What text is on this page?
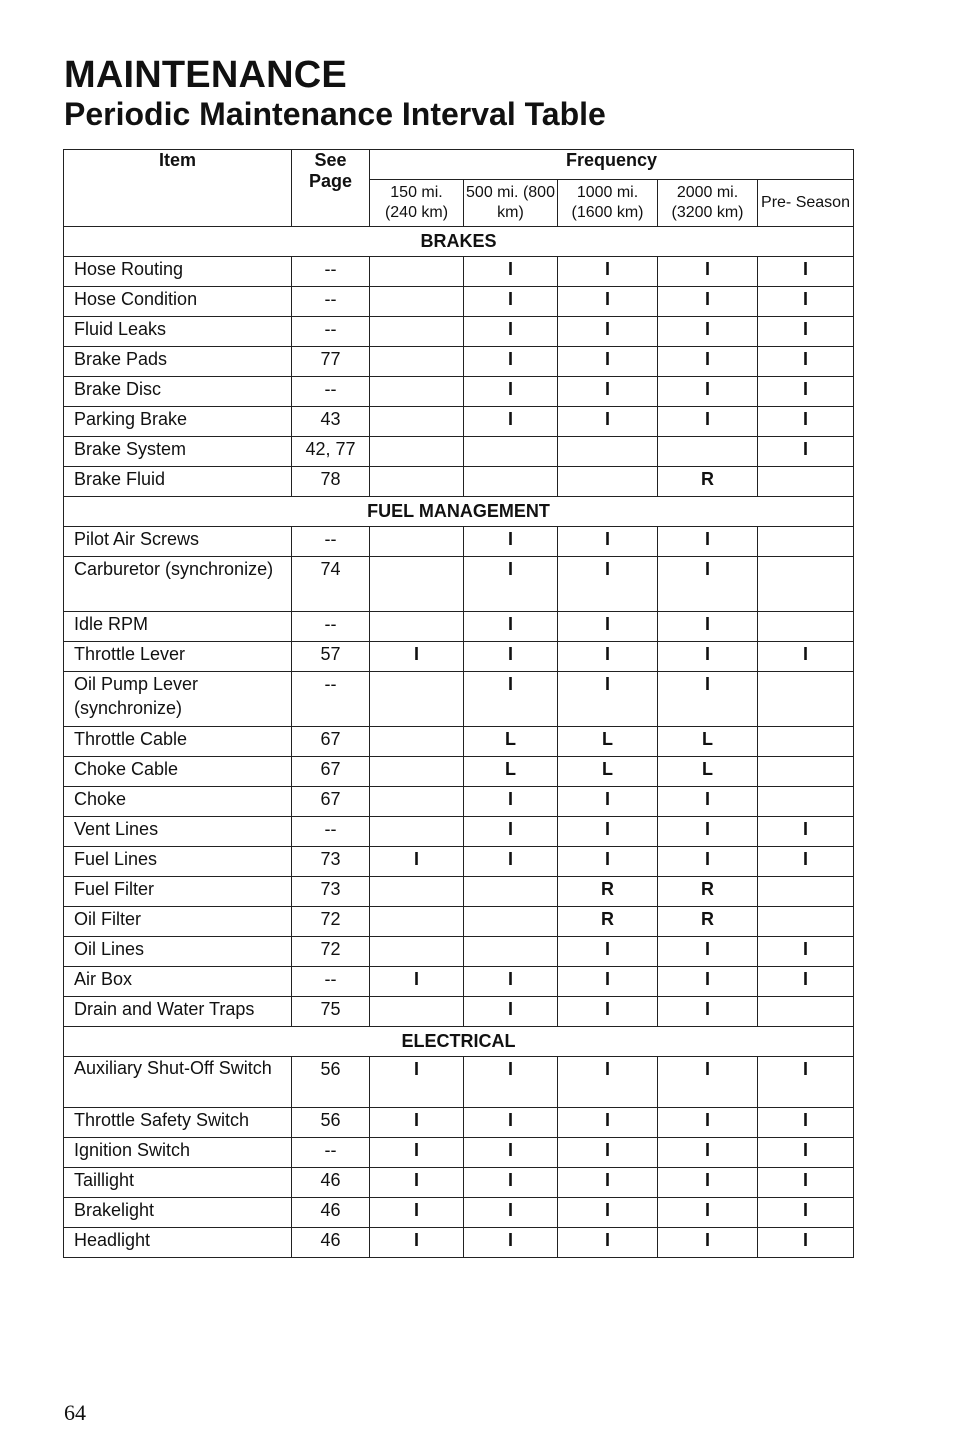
MAINTENANCE
Periodic Maintenance Interval Table
Item	See Page	Frequency				
		150 mi. (240 km)	500 mi. (800 km)	1000 mi. (1600 km)	2000 mi. (3200 km)	Pre- Season
BRAKES						
Hose Routing	--		I	I	I	I
Hose Condition	--		I	I	I	I
Fluid Leaks	--		I	I	I	I
Brake Pads	77		I	I	I	I
Brake Disc	--		I	I	I	I
Parking Brake	43		I	I	I	I
Brake System	42, 77					I
Brake Fluid	78				R	
FUEL MANAGEMENT						
Pilot Air Screws	--		I	I	I	
Carburetor (synchronize)	74		I	I	I	
Idle RPM	--		I	I	I	
Throttle Lever	57	I	I	I	I	I
Oil Pump Lever (synchronize)	--		I	I	I	
Throttle Cable	67		L	L	L	
Choke Cable	67		L	L	L	
Choke	67		I	I	I	
Vent Lines	--		I	I	I	I
Fuel Lines	73	I	I	I	I	I
Fuel Filter	73			R	R	
Oil Filter	72			R	R	
Oil Lines	72			I	I	I
Air Box	--	I	I	I	I	I
Drain and Water Traps	75		I	I	I	
ELECTRICAL						
Auxiliary Shut-Off Switch	56	I	I	I	I	I
Throttle Safety Switch	56	I	I	I	I	I
Ignition Switch	--	I	I	I	I	I
Taillight	46	I	I	I	I	I
Brakelight	46	I	I	I	I	I
Headlight	46	I	I	I	I	I
64
